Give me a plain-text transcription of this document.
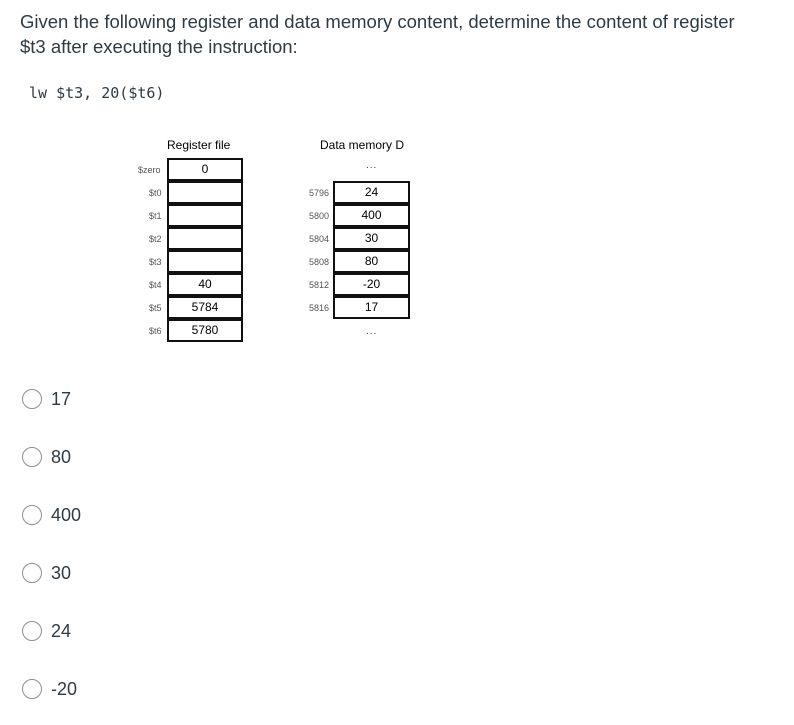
Given the following register and data memory content, determine the content of register $t3 after executing the instruction:

lw $t3, 20($t6)

Register file	Data memory D
$zero	0
$t0
$t1
$t2
$t3
$t4	40
$t5	5784
$t6	5780
...
5796	24
5800	400
5804	30
5808	80
5812	-20
5816	17
...
17
80
400
30
24
-20
